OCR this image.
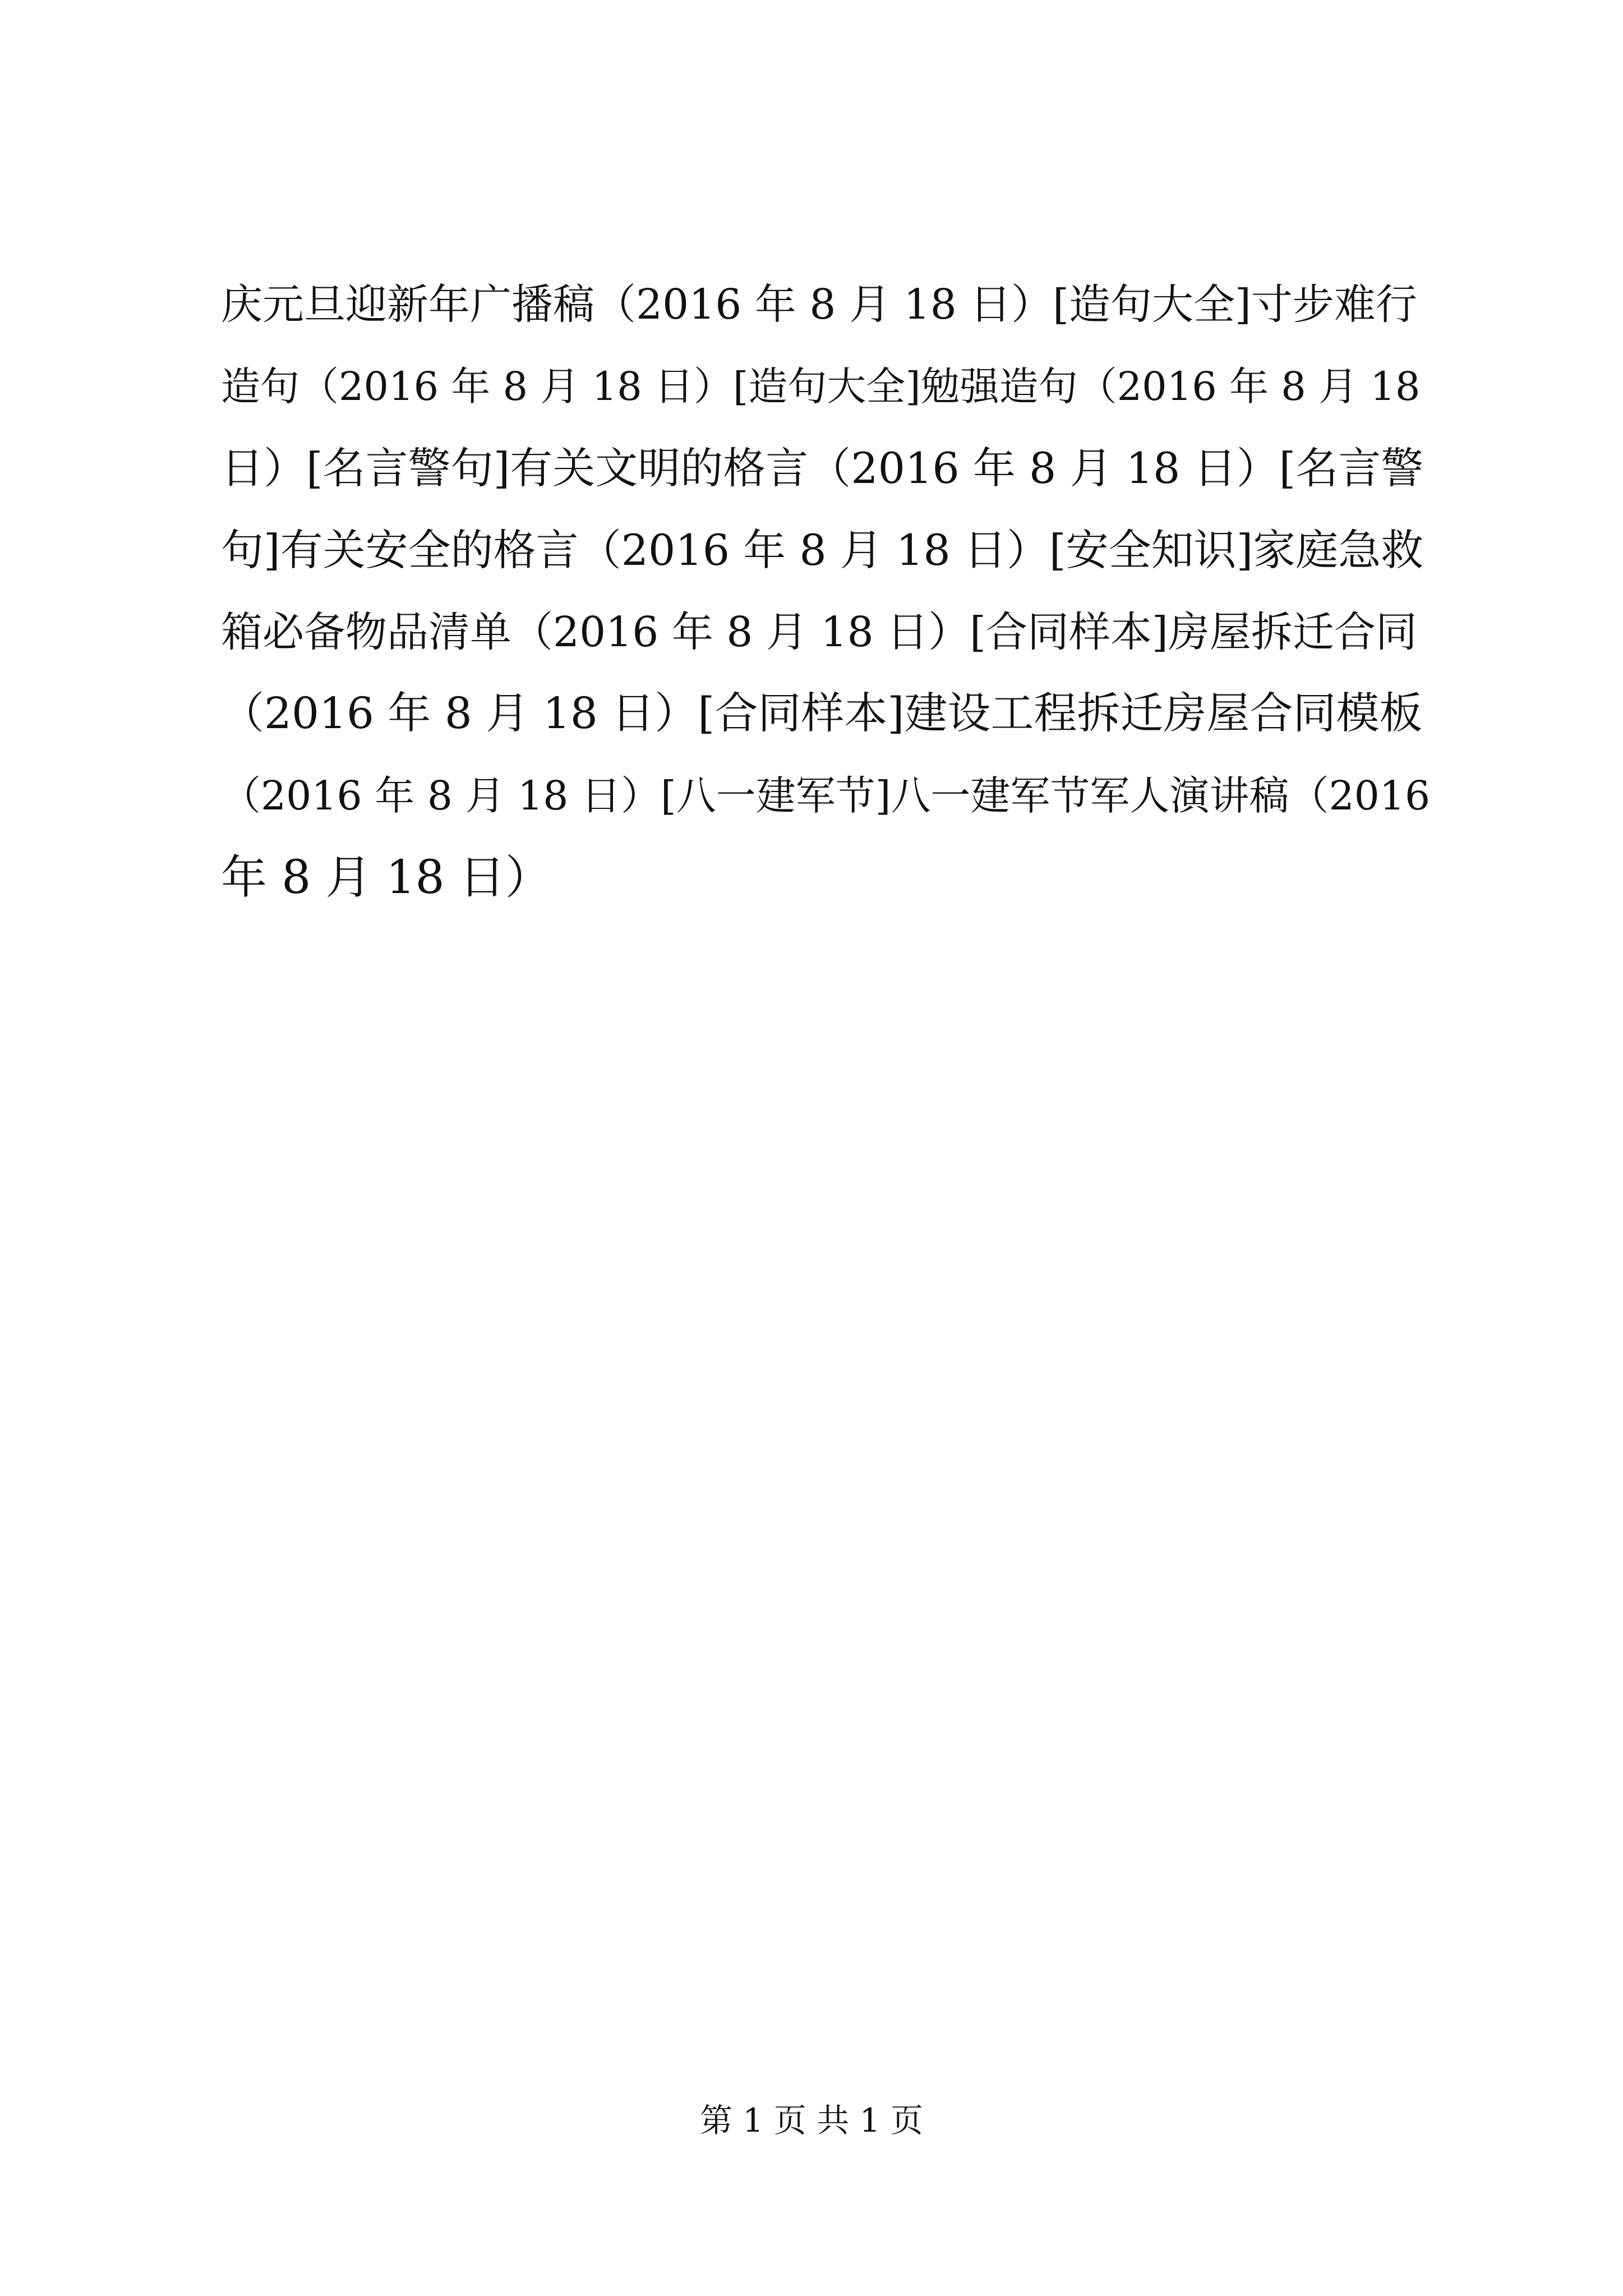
庆元旦迎新年广播稿（2016 年 8 月 18 日）[造句大全]寸步难行
造句（2016 年 8 月 18 日）[造句大全]勉强造句（2016 年 8 月 18
日）[名言警句]有关文明的格言（2016 年 8 月 18 日）[名言警
句]有关安全的格言（2016 年 8 月 18 日）[安全知识]家庭急救
箱必备物品清单（2016 年 8 月 18 日）[合同样本]房屋拆迁合同
（2016 年 8 月 18 日）[合同样本]建设工程拆迁房屋合同模板
（2016 年 8 月 18 日）[八一建军节]八一建军节军人演讲稿（2016
年 8 月 18 日）
第 1 页 共 1 页
